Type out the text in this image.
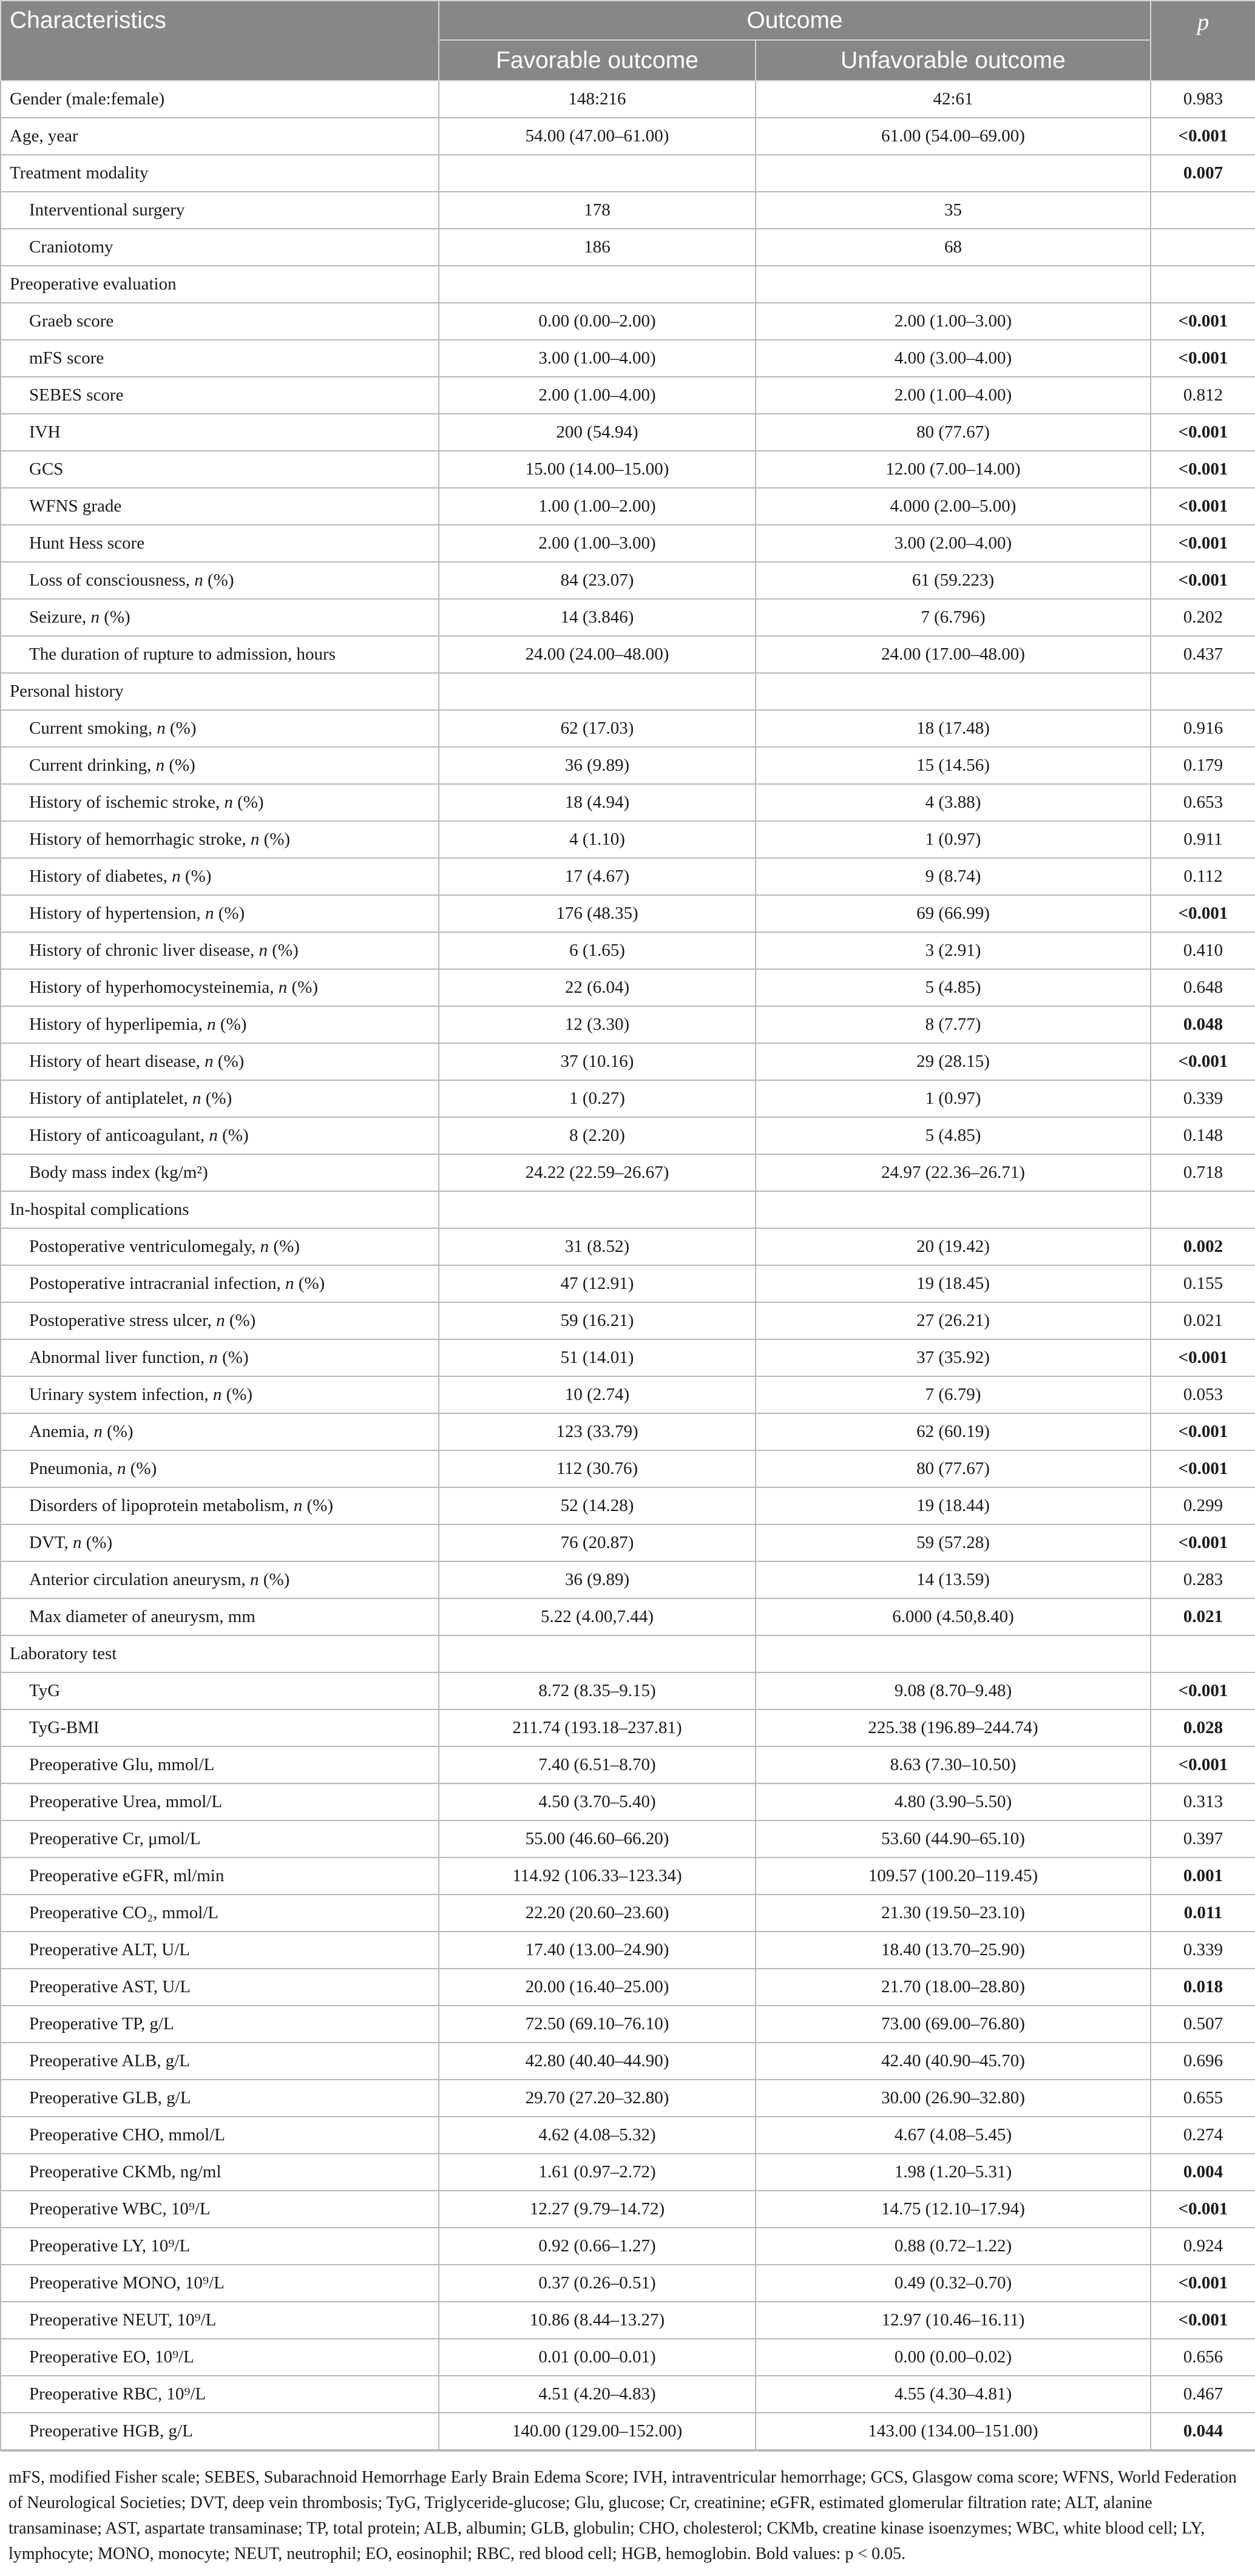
Characteristics	Outcome		p
	Favorable outcome	Unfavorable outcome	
Gender (male:female)	148:216	42:61	0.983
Age, year	54.00 (47.00–61.00)	61.00 (54.00–69.00)	<0.001
Treatment modality			0.007
Interventional surgery	178	35	
Craniotomy	186	68	
Preoperative evaluation			
Graeb score	0.00 (0.00–2.00)	2.00 (1.00–3.00)	<0.001
mFS score	3.00 (1.00–4.00)	4.00 (3.00–4.00)	<0.001
SEBES score	2.00 (1.00–4.00)	2.00 (1.00–4.00)	0.812
IVH	200 (54.94)	80 (77.67)	<0.001
GCS	15.00 (14.00–15.00)	12.00 (7.00–14.00)	<0.001
WFNS grade	1.00 (1.00–2.00)	4.000 (2.00–5.00)	<0.001
Hunt Hess score	2.00 (1.00–3.00)	3.00 (2.00–4.00)	<0.001
Loss of consciousness, n (%)	84 (23.07)	61 (59.223)	<0.001
Seizure, n (%)	14 (3.846)	7 (6.796)	0.202
The duration of rupture to admission, hours	24.00 (24.00–48.00)	24.00 (17.00–48.00)	0.437
Personal history			
Current smoking, n (%)	62 (17.03)	18 (17.48)	0.916
Current drinking, n (%)	36 (9.89)	15 (14.56)	0.179
History of ischemic stroke, n (%)	18 (4.94)	4 (3.88)	0.653
History of hemorrhagic stroke, n (%)	4 (1.10)	1 (0.97)	0.911
History of diabetes, n (%)	17 (4.67)	9 (8.74)	0.112
History of hypertension, n (%)	176 (48.35)	69 (66.99)	<0.001
History of chronic liver disease, n (%)	6 (1.65)	3 (2.91)	0.410
History of hyperhomocysteinemia, n (%)	22 (6.04)	5 (4.85)	0.648
History of hyperlipemia, n (%)	12 (3.30)	8 (7.77)	0.048
History of heart disease, n (%)	37 (10.16)	29 (28.15)	<0.001
History of antiplatelet, n (%)	1 (0.27)	1 (0.97)	0.339
History of anticoagulant, n (%)	8 (2.20)	5 (4.85)	0.148
Body mass index (kg/m²)	24.22 (22.59–26.67)	24.97 (22.36–26.71)	0.718
In-hospital complications			
Postoperative ventriculomegaly, n (%)	31 (8.52)	20 (19.42)	0.002
Postoperative intracranial infection, n (%)	47 (12.91)	19 (18.45)	0.155
Postoperative stress ulcer, n (%)	59 (16.21)	27 (26.21)	0.021
Abnormal liver function, n (%)	51 (14.01)	37 (35.92)	<0.001
Urinary system infection, n (%)	10 (2.74)	7 (6.79)	0.053
Anemia, n (%)	123 (33.79)	62 (60.19)	<0.001
Pneumonia, n (%)	112 (30.76)	80 (77.67)	<0.001
Disorders of lipoprotein metabolism, n (%)	52 (14.28)	19 (18.44)	0.299
DVT, n (%)	76 (20.87)	59 (57.28)	<0.001
Anterior circulation aneurysm, n (%)	36 (9.89)	14 (13.59)	0.283
Max diameter of aneurysm, mm	5.22 (4.00,7.44)	6.000 (4.50,8.40)	0.021
Laboratory test			
TyG	8.72 (8.35–9.15)	9.08 (8.70–9.48)	<0.001
TyG-BMI	211.74 (193.18–237.81)	225.38 (196.89–244.74)	0.028
Preoperative Glu, mmol/L	7.40 (6.51–8.70)	8.63 (7.30–10.50)	<0.001
Preoperative Urea, mmol/L	4.50 (3.70–5.40)	4.80 (3.90–5.50)	0.313
Preoperative Cr, μmol/L	55.00 (46.60–66.20)	53.60 (44.90–65.10)	0.397
Preoperative eGFR, ml/min	114.92 (106.33–123.34)	109.57 (100.20–119.45)	0.001
Preoperative CO₂, mmol/L	22.20 (20.60–23.60)	21.30 (19.50–23.10)	0.011
Preoperative ALT, U/L	17.40 (13.00–24.90)	18.40 (13.70–25.90)	0.339
Preoperative AST, U/L	20.00 (16.40–25.00)	21.70 (18.00–28.80)	0.018
Preoperative TP, g/L	72.50 (69.10–76.10)	73.00 (69.00–76.80)	0.507
Preoperative ALB, g/L	42.80 (40.40–44.90)	42.40 (40.90–45.70)	0.696
Preoperative GLB, g/L	29.70 (27.20–32.80)	30.00 (26.90–32.80)	0.655
Preoperative CHO, mmol/L	4.62 (4.08–5.32)	4.67 (4.08–5.45)	0.274
Preoperative CKMb, ng/ml	1.61 (0.97–2.72)	1.98 (1.20–5.31)	0.004
Preoperative WBC, 10⁹/L	12.27 (9.79–14.72)	14.75 (12.10–17.94)	<0.001
Preoperative LY, 10⁹/L	0.92 (0.66–1.27)	0.88 (0.72–1.22)	0.924
Preoperative MONO, 10⁹/L	0.37 (0.26–0.51)	0.49 (0.32–0.70)	<0.001
Preoperative NEUT, 10⁹/L	10.86 (8.44–13.27)	12.97 (10.46–16.11)	<0.001
Preoperative EO, 10⁹/L	0.01 (0.00–0.01)	0.00 (0.00–0.02)	0.656
Preoperative RBC, 10⁹/L	4.51 (4.20–4.83)	4.55 (4.30–4.81)	0.467
Preoperative HGB, g/L	140.00 (129.00–152.00)	143.00 (134.00–151.00)	0.044
mFS, modified Fisher scale; SEBES, Subarachnoid Hemorrhage Early Brain Edema Score; IVH, intraventricular hemorrhage; GCS, Glasgow coma score; WFNS, World Federation of Neurological Societies; DVT, deep vein thrombosis; TyG, Triglyceride-glucose; Glu, glucose; Cr, creatinine; eGFR, estimated glomerular filtration rate; ALT, alanine transaminase; AST, aspartate transaminase; TP, total protein; ALB, albumin; GLB, globulin; CHO, cholesterol; CKMb, creatine kinase isoenzymes; WBC, white blood cell; LY, lymphocyte; MONO, monocyte; NEUT, neutrophil; EO, eosinophil; RBC, red blood cell; HGB, hemoglobin. Bold values: p < 0.05.
